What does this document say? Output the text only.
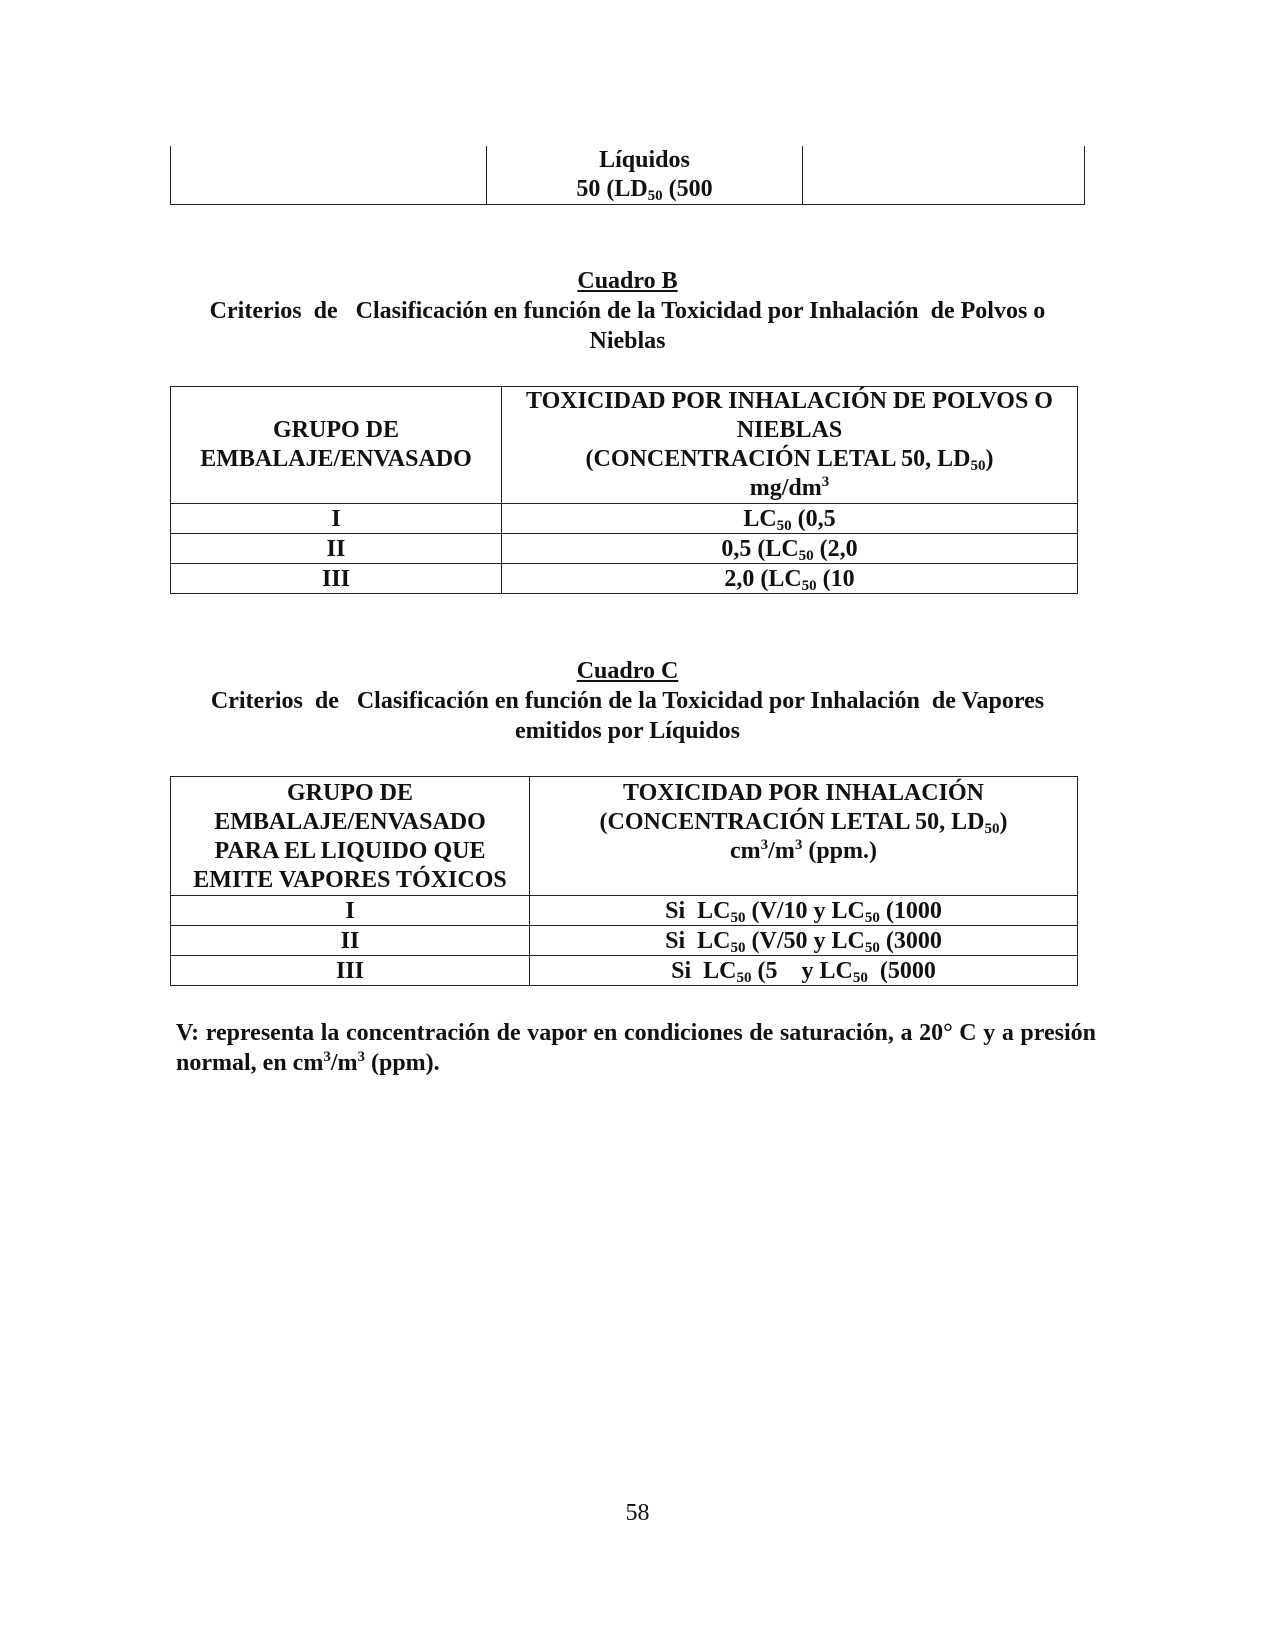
	Líquidos
50 ($LD_{50}$ (500	
Cuadro B
Criterios  de   Clasificación en función de la Toxicidad por Inhalación  de Polvos o
Nieblas
GRUPO DE
EMBALAJE/ENVASADO	TOXICIDAD POR INHALACIÓN DE POLVOS O
NIEBLAS
(CONCENTRACIÓN LETAL 50, $LD_{50}$)
$mg/dm^3$
I	$LC_{50}$ (0,5
II	0,5 ($LC_{50}$ (2,0
III	2,0 ($LC_{50}$ (10
Cuadro C
Criterios  de   Clasificación en función de la Toxicidad por Inhalación  de Vapores
emitidos por Líquidos
GRUPO DE
EMBALAJE/ENVASADO
PARA EL LIQUIDO QUE
EMITE VAPORES TÓXICOS	TOXICIDAD POR INHALACIÓN
(CONCENTRACIÓN LETAL 50, $LD_{50}$)
$cm^3/m^3$ (ppm.)
I	Si  $LC_{50}$ (V/10 y $LC_{50}$ (1000
II	Si  $LC_{50}$ (V/50 y $LC_{50}$ (3000
III	Si  $LC_{50}$ (5    y $LC_{50}$  (5000
V: representa la concentración de vapor en condiciones de saturación, a 20° C y a presión normal, en $cm^3/m^3$ (ppm).
58
